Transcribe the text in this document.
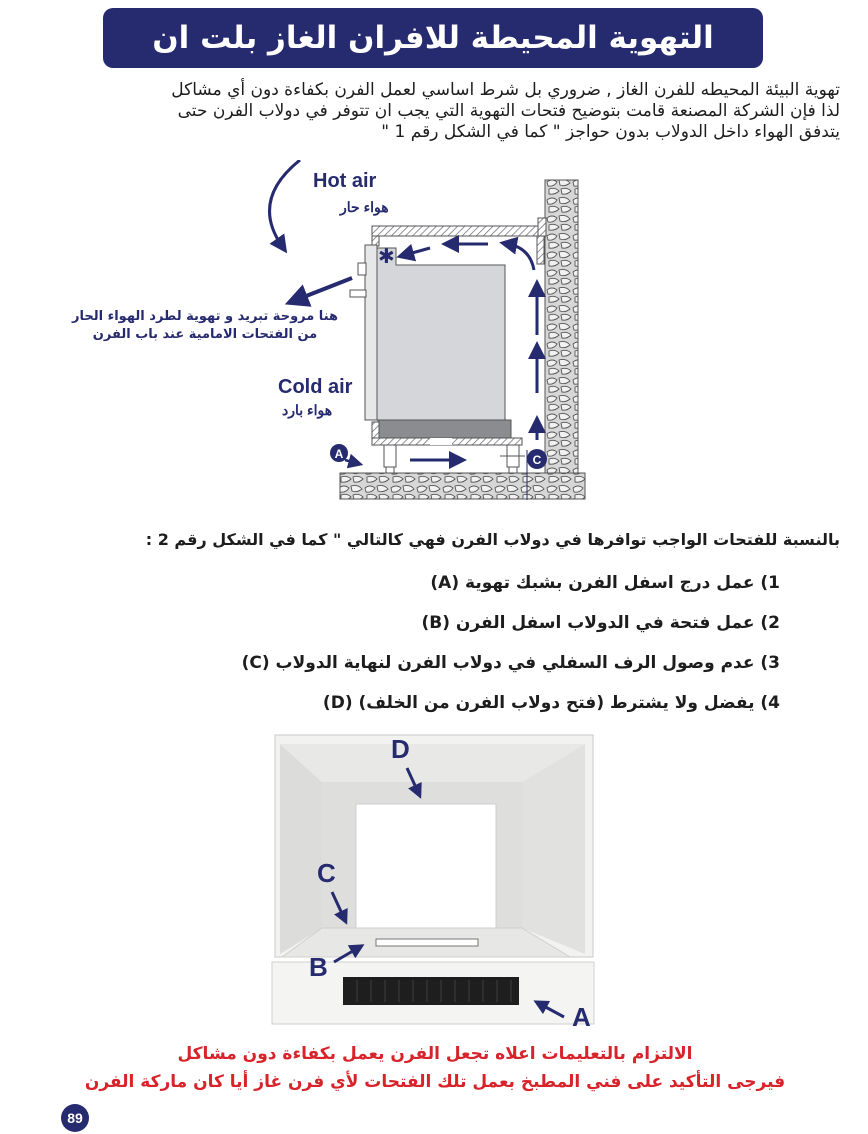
التهوية المحيطة للافران الغاز بلت ان
تهوية البيئة المحيطه للفرن الغاز , ضروري بل شرط اساسي لعمل الفرن بكفاءة دون أي مشاكل
لذا فإن الشركة المصنعة قامت بتوضيح فتحات التهوية التي يجب ان تتوفر في دولاب الفرن حتى
يتدفق الهواء داخل الدولاب بدون حواجز " كما في الشكل رقم 1 "
✱
A	C
Hot air
هواء حار
Cold air
هواء بارد
هنا مروحة تبريد و تهوية لطرد الهواء الحار
من الفتحات الامامية عند باب الفرن
بالنسبة للفتحات الواجب توافرها في دولاب الفرن فهي كالتالي " كما في الشكل رقم 2 :
1) عمل درج اسفل الفرن بشبك تهوية (A)
2) عمل فتحة في الدولاب اسفل الفرن (B)
3) عدم وصول الرف السفلي في دولاب الفرن لنهاية الدولاب (C)
4) يفضل ولا يشترط (فتح دولاب الفرن من الخلف) (D)
D
C
B
A
الالتزام بالتعليمات اعلاه تجعل الفرن يعمل بكفاءة دون مشاكل
فيرجى التأكيد على فني المطبخ بعمل تلك الفتحات لأي فرن غاز أيا كان ماركة الفرن
89
